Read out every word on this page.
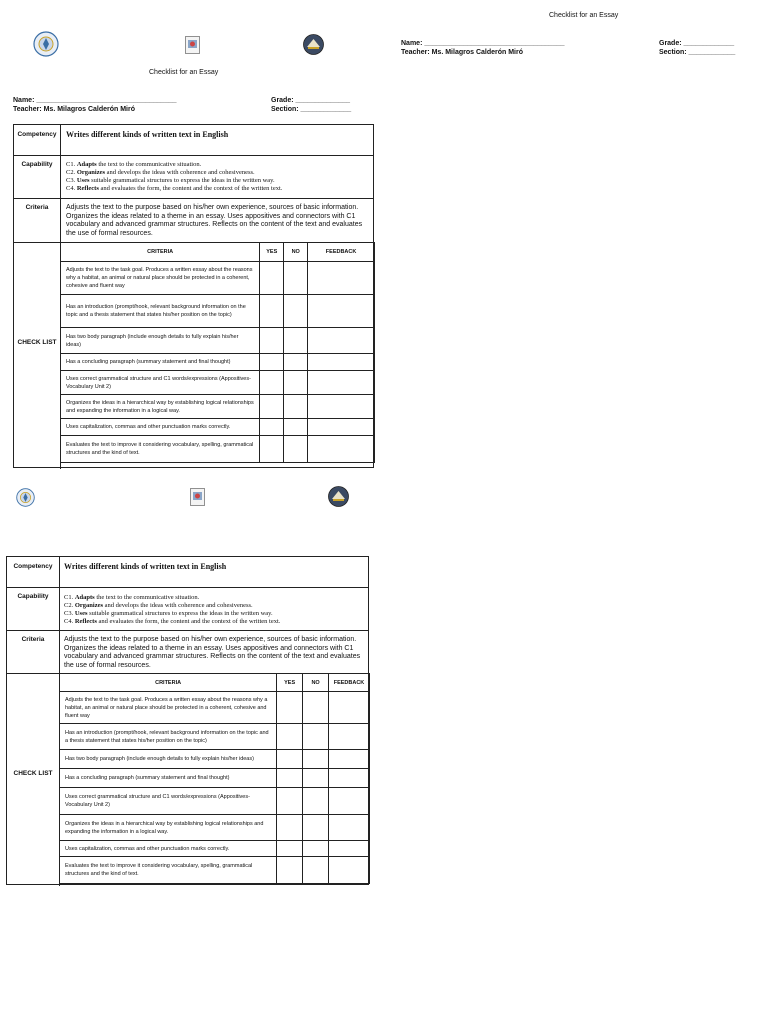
Checklist for an Essay
Name: ____________________________________
Teacher: Ms. Milagros Calderón Miró
Grade: _____________
Section: ____________
Checklist for an Essay
Name: ____________________________________
Teacher: Ms. Milagros Calderón Miró
Grade: ______________
Section: _____________
Competency	Writes different kinds of written text in English
Capability	C1. Adapts the text to the communicative situation.
C2. Organizes and develops the ideas with coherence and cohesiveness.
C3. Uses suitable grammatical structures to express the ideas in the written way.
C4. Reflects and evaluates the form, the content and the context of the written text.
Criteria	Adjusts the text to the purpose based on his/her own experience, sources of basic information. Organizes the ideas related to a theme in an essay. Uses appositives and connectors with C1 vocabulary and advanced grammar structures. Reflects on the content of the text and evaluates the use of formal resources.
CHECK LIST
CRITERIA	YES	NO	FEEDBACK
Adjusts the text to the task goal. Produces a written essay about the reasons why a habitat, an animal or natural place should be protected in a coherent, cohesive and fluent way			
Has an introduction (prompt/hook, relevant background information on the topic and a thesis statement that states his/her position on the topic)			
Has two body paragraph (include enough details to fully explain his/her ideas)			
Has a concluding paragraph (summary statement and final thought)			
Uses correct grammatical structure and C1 words/expressions (Appositives-Vocabulary Unit 2)			
Organizes the ideas in a hierarchical way by establishing logical relationships and expanding the information in a logical way.			
Uses capitalization, commas and other punctuation marks correctly.			
Evaluates the text to improve it considering vocabulary, spelling, grammatical structures and the kind of text.			
Competency	Writes different kinds of written text in English
Capability	C1. Adapts the text to the communicative situation.
C2. Organizes and develops the ideas with coherence and cohesiveness.
C3. Uses suitable grammatical structures to express the ideas in the written way.
C4. Reflects and evaluates the form, the content and the context of the written text.
Criteria	Adjusts the text to the purpose based on his/her own experience, sources of basic information. Organizes the ideas related to a theme in an essay. Uses appositives and connectors with C1 vocabulary and advanced grammar structures. Reflects on the content of the text and evaluates the use of formal resources.
CHECK LIST
CRITERIA	YES	NO	FEEDBACK
Adjusts the text to the task goal. Produces a written essay about the reasons why a habitat, an animal or natural place should be protected in a coherent, cohesive and fluent way			
Has an introduction (prompt/hook, relevant background information on the topic and a thesis statement that states his/her position on the topic)			
Has two body paragraph (include enough details to fully explain his/her ideas)			
Has a concluding paragraph (summary statement and final thought)			
Uses correct grammatical structure and C1 words/expressions (Appositives-Vocabulary Unit 2)			
Organizes the ideas in a hierarchical way by establishing logical relationships and expanding the information in a logical way.			
Uses capitalization, commas and other punctuation marks correctly.			
Evaluates the text to improve it considering vocabulary, spelling, grammatical structures and the kind of text.			
